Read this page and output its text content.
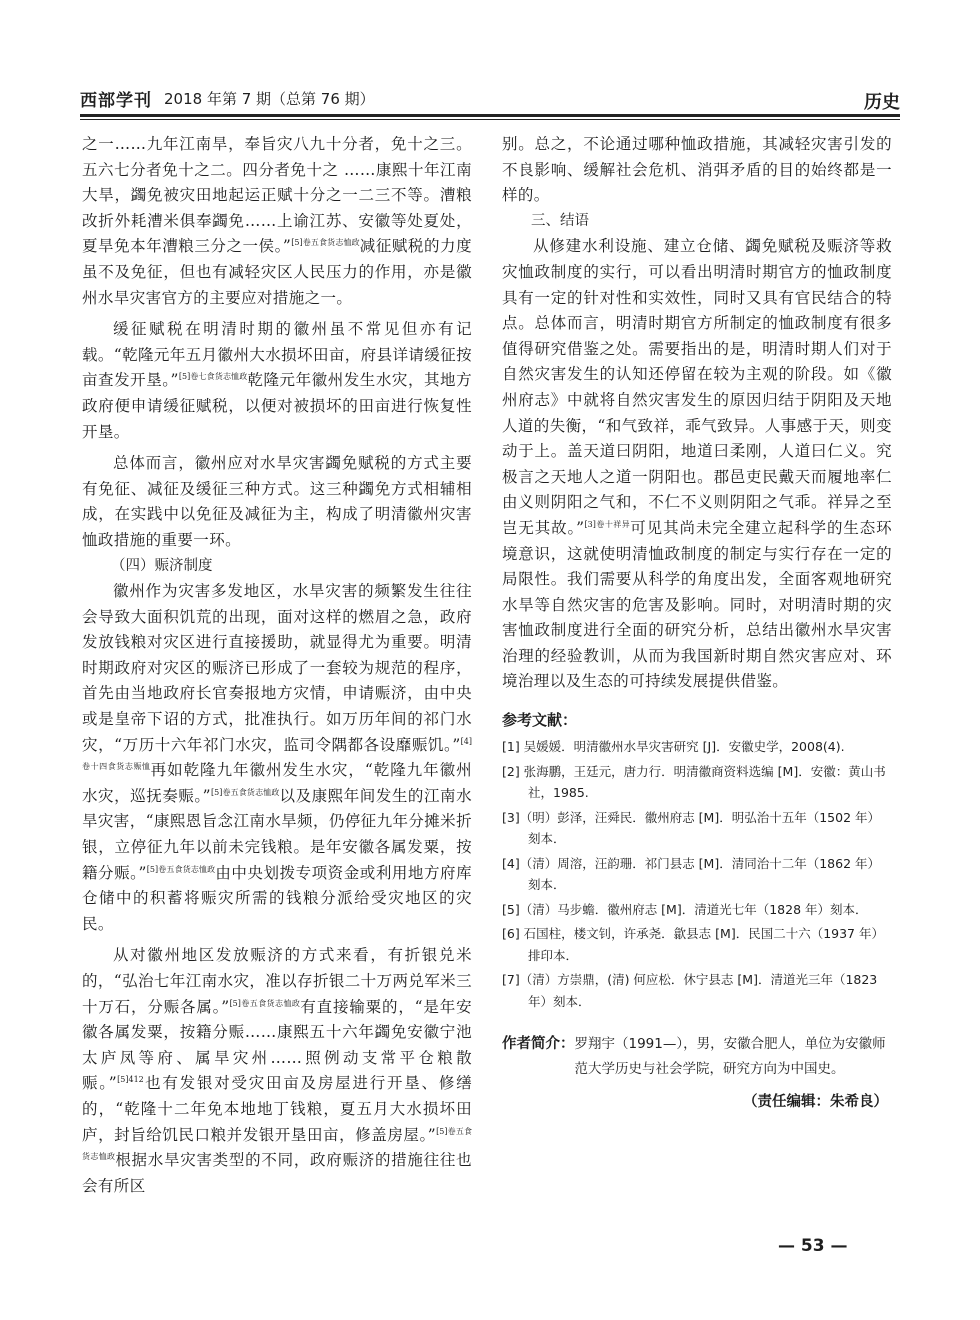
西部学刊 2018 年第 7 期（总第 76 期）	历史

之一……九年江南旱，奉旨灾八九十分者，免十之三。五六七分者免十之二。四分者免十之 ……康熙十年江南大旱，蠲免被灾田地起运正赋十分之一二三不等。漕粮改折外耗漕米俱奉蠲免……上谕江苏、安徽等处夏处，夏旱免本年漕粮三分之一侯。”$^{[5]卷五食货志恤政}$减征赋税的力度虽不及免征，但也有减轻灾区人民压力的作用，亦是徽州水旱灾害官方的主要应对措施之一。

缓征赋税在明清时期的徽州虽不常见但亦有记载。“乾隆元年五月徽州大水损坏田亩，府县详请缓征按亩查发开垦。”$^{[5]卷七食货志恤政}$乾隆元年徽州发生水灾，其地方政府便申请缓征赋税，以便对被损坏的田亩进行恢复性开垦。

总体而言，徽州应对水旱灾害蠲免赋税的方式主要有免征、减征及缓征三种方式。这三种蠲免方式相辅相成，在实践中以免征及减征为主，构成了明清徽州灾害恤政措施的重要一环。

（四）赈济制度

徽州作为灾害多发地区，水旱灾害的频繁发生往往会导致大面积饥荒的出现，面对这样的燃眉之急，政府发放钱粮对灾区进行直接援助，就显得尤为重要。明清时期政府对灾区的赈济已形成了一套较为规范的程序，首先由当地政府长官奏报地方灾情，申请赈济，由中央或是皇帝下诏的方式，批准执行。如万历年间的祁门水灾，“万历十六年祁门水灾，监司令隅都各设靡赈饥。”$^{[4]卷十四食货志赈恤}$再如乾隆九年徽州发生水灾，“乾隆九年徽州水灾，巡抚奏赈。”$^{[5]卷五食货志恤政}$以及康熙年间发生的江南水旱灾害，“康熙恩旨念江南水旱频，仍停征九年分摊米折银，立停征九年以前未完钱粮。是年安徽各属发粟，按籍分赈。”$^{[5]卷五食货志恤政}$由中央划拨专项资金或利用地方府库仓储中的积蓄将赈灾所需的钱粮分派给受灾地区的灾民。

从对徽州地区发放赈济的方式来看，有折银兑米的，“弘治七年江南水灾，准以存折银二十万两兑军米三十万石，分赈各属。”$^{[5]卷五食货志恤政}$有直接输粟的，“是年安徽各属发粟，按籍分赈……康熙五十六年蠲免安徽宁池太庐凤等府、属旱灾州……照例动支常平仓粮散赈。”$^{[5]412}$也有发银对受灾田亩及房屋进行开垦、修缮的，“乾隆十二年免本地地丁钱粮，夏五月大水损坏田庐，封旨给饥民口粮并发银开垦田亩，修盖房屋。”$^{[5]卷五食货志恤政}$根据水旱灾害类型的不同，政府赈济的措施往往也会有所区

别。总之，不论通过哪种恤政措施，其减轻灾害引发的不良影响、缓解社会危机、消弭矛盾的目的始终都是一样的。

三、结语

从修建水利设施、建立仓储、蠲免赋税及赈济等救灾恤政制度的实行，可以看出明清时期官方的恤政制度具有一定的针对性和实效性，同时又具有官民结合的特点。总体而言，明清时期官方所制定的恤政制度有很多值得研究借鉴之处。需要指出的是，明清时期人们对于自然灾害发生的认知还停留在较为主观的阶段。如《徽州府志》中就将自然灾害发生的原因归结于阴阳及天地人道的失衡，“和气致祥，乖气致异。人事感于天，则变动于上。盖天道曰阴阳，地道曰柔刚，人道曰仁义。究极言之天地人之道一阴阳也。郡邑吏民戴天而履地率仁由义则阴阳之气和，不仁不义则阴阳之气乖。祥异之至岂无其故。”$^{[3]卷十祥异}$可见其尚未完全建立起科学的生态环境意识，这就使明清恤政制度的制定与实行存在一定的局限性。我们需要从科学的角度出发，全面客观地研究水旱等自然灾害的危害及影响。同时，对明清时期的灾害恤政制度进行全面的研究分析，总结出徽州水旱灾害治理的经验教训，从而为我国新时期自然灾害应对、环境治理以及生态的可持续发展提供借鉴。

参考文献：

[1] 吴媛媛．明清徽州水旱灾害研究 [J]．安徽史学，2008(4).

[2] 张海鹏，王廷元，唐力行．明清徽商资料选编 [M]．安徽：黄山书社，1985.

[3]（明）彭泽，汪舜民．徽州府志 [M]．明弘治十五年（1502 年）刻本．

[4]（清）周溶，汪韵珊．祁门县志 [M]．清同治十二年（1862 年）刻本．

[5]（清）马步蟾．徽州府志 [M]．清道光七年（1828 年）刻本．

[6] 石国柱，楼文钊，许承尧．歙县志 [M]．民国二十六（1937 年）排印本．

[7]（清）方崇鼎，(清) 何应松．休宁县志 [M]．清道光三年（1823 年）刻本．

作者简介： 罗翔宇（1991—），男，安徽合肥人，单位为安徽师范大学历史与社会学院，研究方向为中国史。
（责任编辑：朱希良）
— 53 —
